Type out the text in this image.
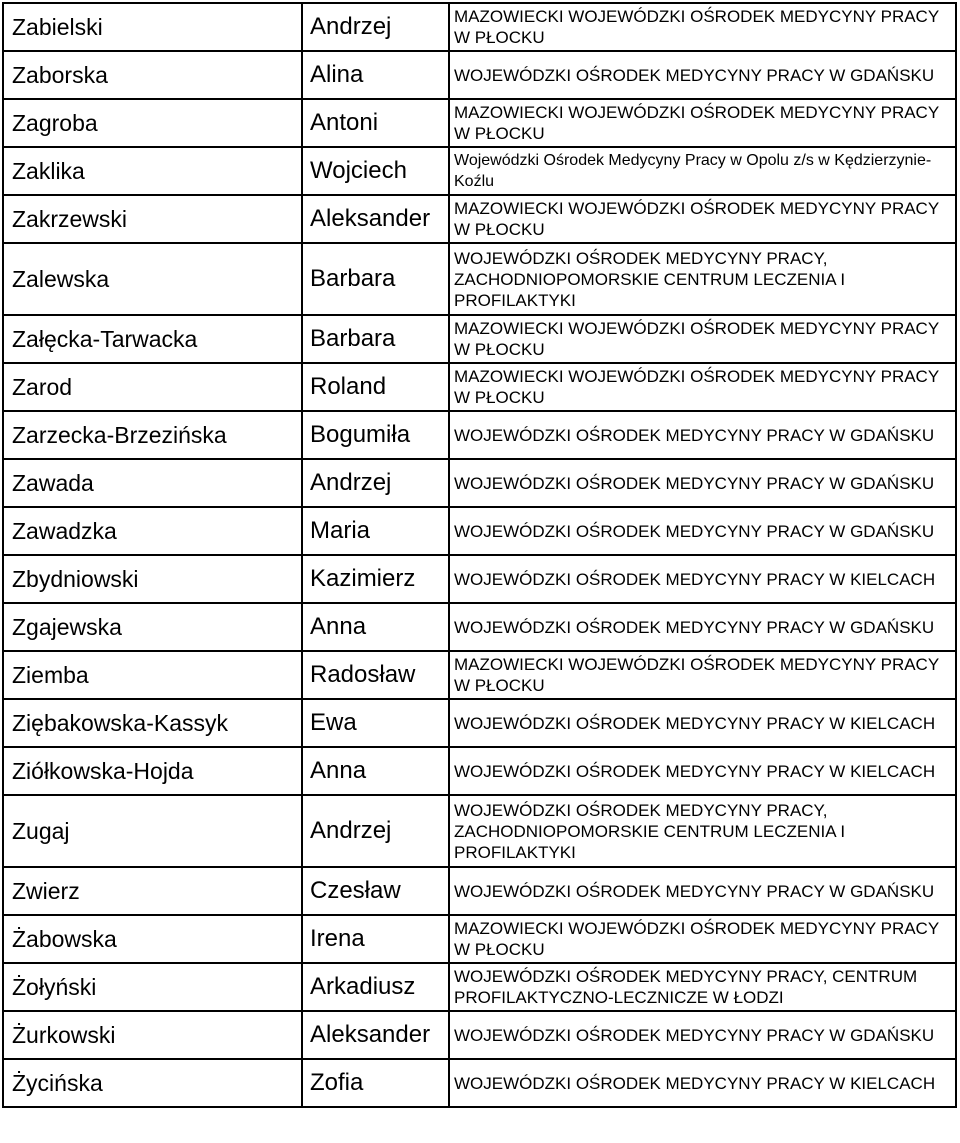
Zabielski	Andrzej	MAZOWIECKI WOJEWÓDZKI OŚRODEK MEDYCYNY PRACY W PŁOCKU
Zaborska	Alina	WOJEWÓDZKI OŚRODEK MEDYCYNY PRACY W GDAŃSKU
Zagroba	Antoni	MAZOWIECKI WOJEWÓDZKI OŚRODEK MEDYCYNY PRACY W PŁOCKU
Zaklika	Wojciech	Wojewódzki Ośrodek Medycyny Pracy w Opolu z/s w Kędzierzynie-Koźlu
Zakrzewski	Aleksander	MAZOWIECKI WOJEWÓDZKI OŚRODEK MEDYCYNY PRACY W PŁOCKU
Zalewska	Barbara	WOJEWÓDZKI OŚRODEK MEDYCYNY PRACY, ZACHODNIOPOMORSKIE CENTRUM LECZENIA I PROFILAKTYKI
Załęcka-Tarwacka	Barbara	MAZOWIECKI WOJEWÓDZKI OŚRODEK MEDYCYNY PRACY W PŁOCKU
Zarod	Roland	MAZOWIECKI WOJEWÓDZKI OŚRODEK MEDYCYNY PRACY W PŁOCKU
Zarzecka-Brzezińska	Bogumiła	WOJEWÓDZKI OŚRODEK MEDYCYNY PRACY W GDAŃSKU
Zawada	Andrzej	WOJEWÓDZKI OŚRODEK MEDYCYNY PRACY W GDAŃSKU
Zawadzka	Maria	WOJEWÓDZKI OŚRODEK MEDYCYNY PRACY W GDAŃSKU
Zbydniowski	Kazimierz	WOJEWÓDZKI OŚRODEK MEDYCYNY PRACY W KIELCACH
Zgajewska	Anna	WOJEWÓDZKI OŚRODEK MEDYCYNY PRACY W GDAŃSKU
Ziemba	Radosław	MAZOWIECKI WOJEWÓDZKI OŚRODEK MEDYCYNY PRACY W PŁOCKU
Ziębakowska-Kassyk	Ewa	WOJEWÓDZKI OŚRODEK MEDYCYNY PRACY W KIELCACH
Ziółkowska-Hojda	Anna	WOJEWÓDZKI OŚRODEK MEDYCYNY PRACY W KIELCACH
Zugaj	Andrzej	WOJEWÓDZKI OŚRODEK MEDYCYNY PRACY, ZACHODNIOPOMORSKIE CENTRUM LECZENIA I PROFILAKTYKI
Zwierz	Czesław	WOJEWÓDZKI OŚRODEK MEDYCYNY PRACY W GDAŃSKU
Żabowska	Irena	MAZOWIECKI WOJEWÓDZKI OŚRODEK MEDYCYNY PRACY W PŁOCKU
Żołyński	Arkadiusz	WOJEWÓDZKI OŚRODEK MEDYCYNY PRACY, CENTRUM PROFILAKTYCZNO-LECZNICZE W ŁODZI
Żurkowski	Aleksander	WOJEWÓDZKI OŚRODEK MEDYCYNY PRACY W GDAŃSKU
Życińska	Zofia	WOJEWÓDZKI OŚRODEK MEDYCYNY PRACY W KIELCACH
